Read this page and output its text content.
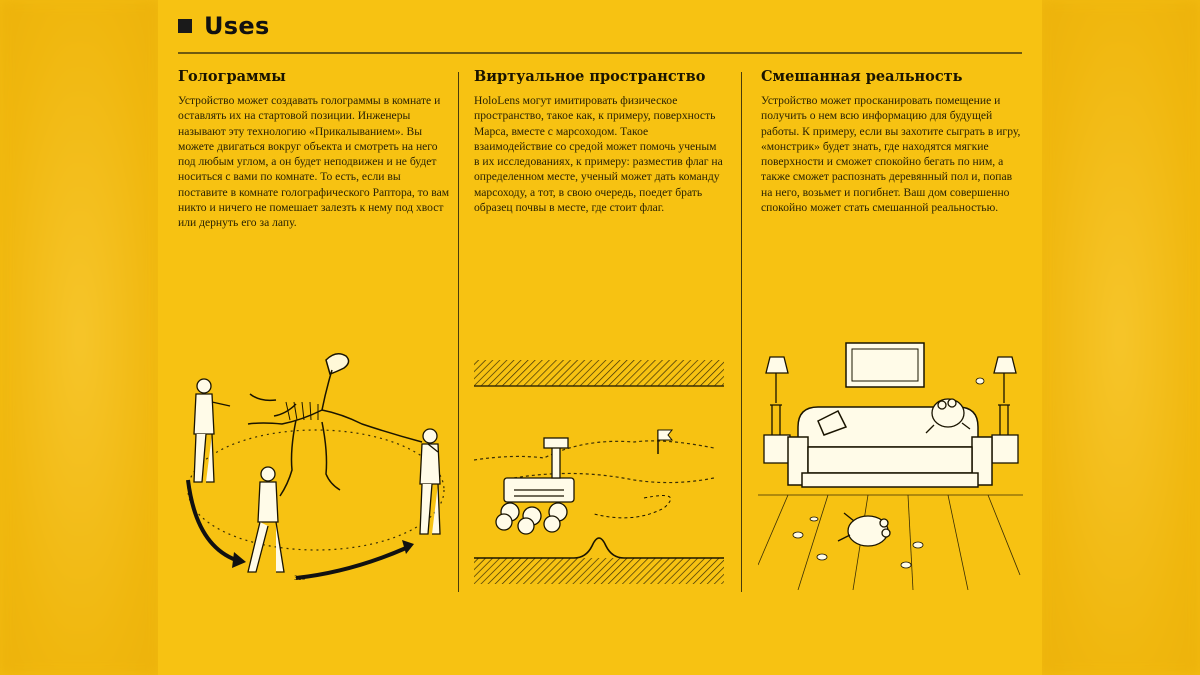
Uses
Голограммы

Устройство может создавать голограммы в комнате и оставлять их на стартовой позиции. Инженеры называют эту технологию «Прикалыванием». Вы можете двигаться вокруг объекта и смотреть на него под любым углом, а он будет неподвижен и не будет носиться с вами по комнате. То есть, если вы поставите в комнате голографического Раптора, то вам никто и ничего не помешает залезть к нему под хвост или дернуть его за лапу.

Виртуальное пространство

HoloLens могут имитировать физическое пространство, такое как, к примеру, поверхность Марса, вместе с марсоходом. Такое взаимодействие со средой может помочь ученым в их исследованиях, к примеру: разместив флаг на определенном месте, ученый может дать команду марсоходу, а тот, в свою очередь, поедет брать образец почвы в месте, где стоит флаг.

Смешанная реальность

Устройство может просканировать помещение и получить о нем всю информацию для будущей работы. К примеру, если вы захотите сыграть в игру, «монстрик» будет знать, где находятся мягкие поверхности и сможет спокойно бегать по ним, а также сможет распознать деревянный пол и, попав на него, возьмет и погибнет. Ваш дом совершенно спокойно может стать смешанной реальностью.

360°
